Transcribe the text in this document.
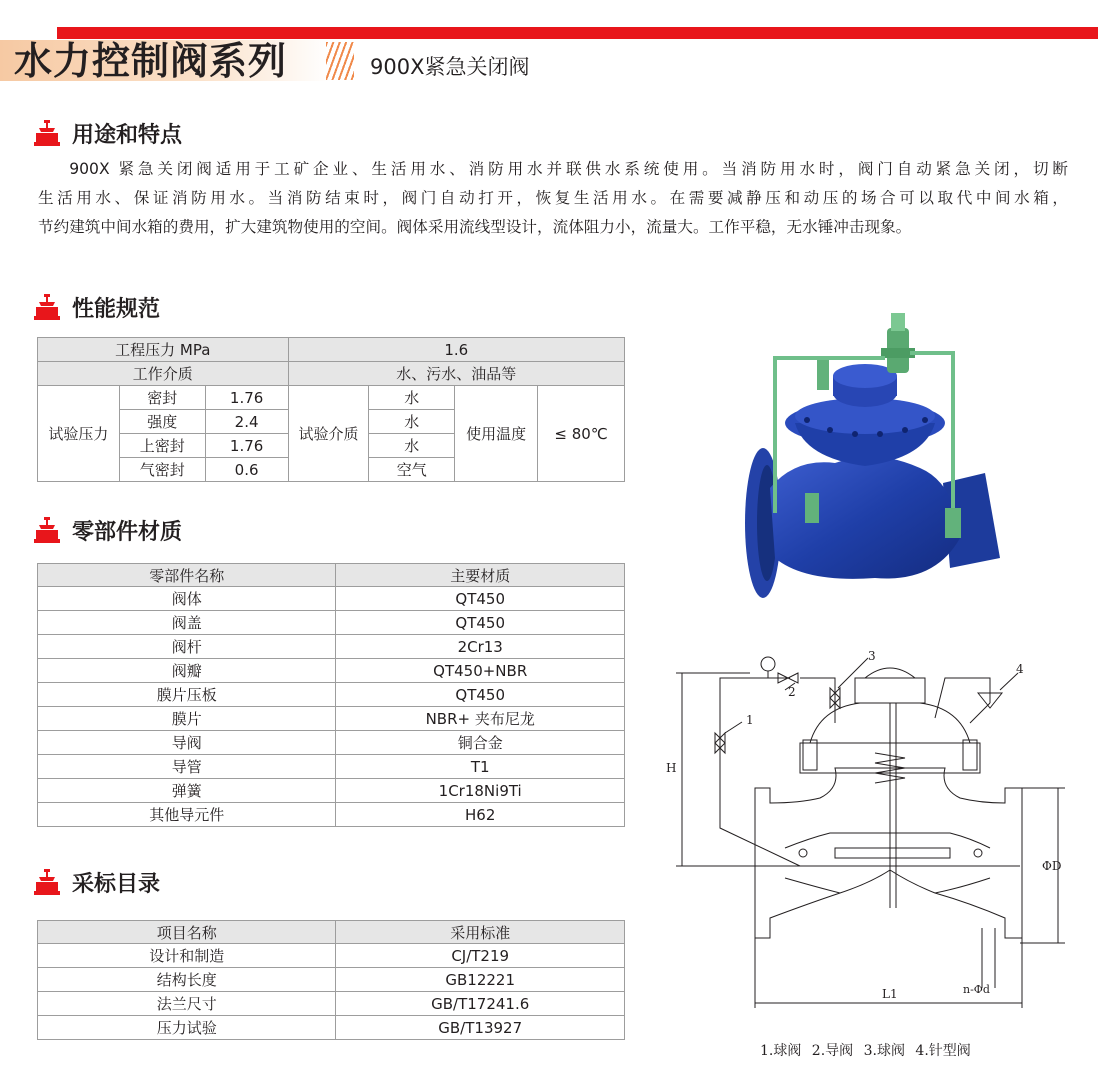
水力控制阀系列	900X紧急关闭阀
用途和特点

900X 紧急关闭阀适用于工矿企业、生活用水、消防用水并联供水系统使用。当消防用水时，阀门自动紧急关闭，切断

生活用水、保证消防用水。当消防结束时，阀门自动打开，恢复生活用水。在需要减静压和动压的场合可以取代中间水箱，

节约建筑中间水箱的费用，扩大建筑物使用的空间。阀体采用流线型设计，流体阻力小，流量大。工作平稳，无水锤冲击现象。

性能规范
工程压力 MPa			1.6			
工作介质			水、污水、油品等			
试验压力	密封	1.76	试验介质	水	使用温度	≤ 80℃
	强度	2.4		水		
	上密封	1.76		水		
	气密封	0.6		空气		
零部件材质
零部件名称	主要材质
阀体	QT450
阀盖	QT450
阀杆	2Cr13
阀瓣	QT450+NBR
膜片压板	QT450
膜片	NBR+ 夹布尼龙
导阀	铜合金
导管	T1
弹簧	1Cr18Ni9Ti
其他导元件	H62
采标目录
项目名称	采用标准
设计和制造	CJ/T219
结构长度	GB12221
法兰尺寸	GB/T17241.6
压力试验	GB/T13927
1
2
3
4
H
ΦD
L1	n-Φd
1.球阀 2.导阀 3.球阀 4.针型阀
